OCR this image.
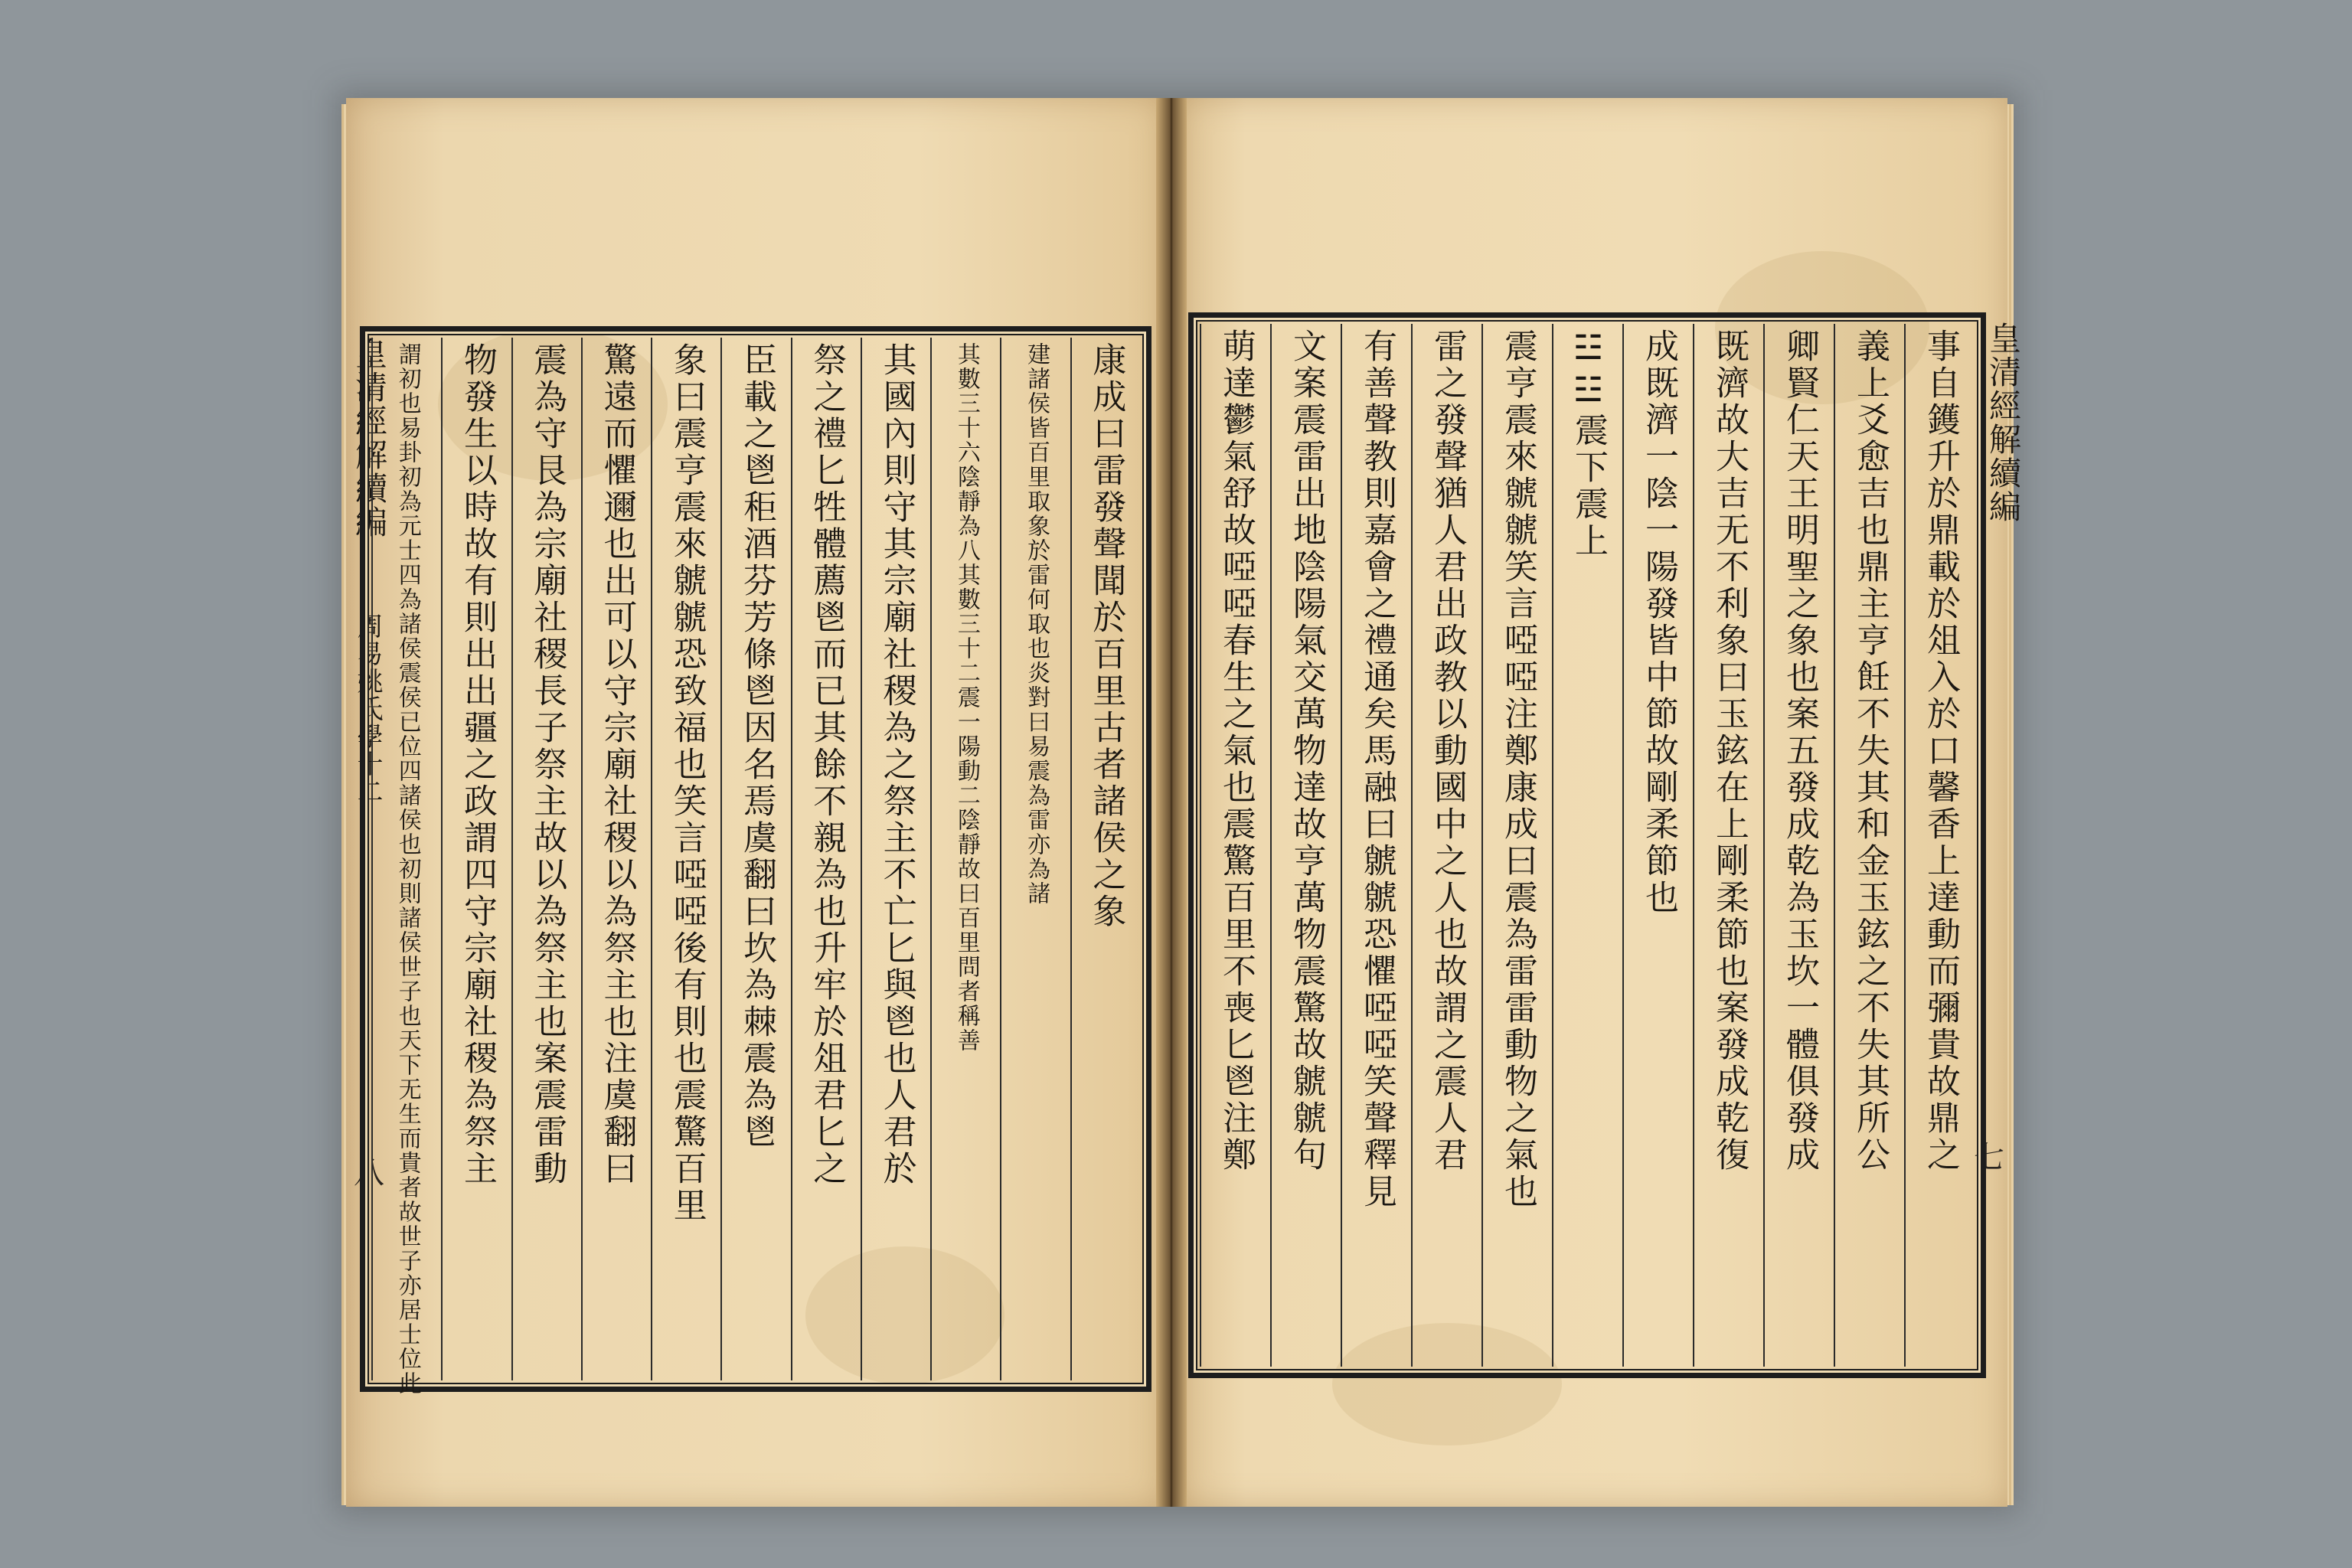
皇清經解續編
周易姚氏學十二
八
皇清經解續編
七
康成曰雷發聲聞於百里古者諸侯之象
建諸侯皆百里取象於雷何取也炎對曰易震為雷亦為諸
其數三十六陰靜為八其數三十二震一陽動二陰靜故曰百里問者稱善
其國內則守其宗廟社稷為之祭主不亡匕與鬯也人君於
祭之禮匕牲體薦鬯而已其餘不親為也升牢於俎君匕之
臣載之鬯秬酒芬芳條鬯因名焉虞翻曰坎為棘震為鬯
象曰震亨震來虩虩恐致福也笑言啞啞後有則也震驚百里
驚遠而懼邇也出可以守宗廟社稷以為祭主也注虞翻曰
震為守艮為宗廟社稷長子祭主故以為祭主也案震雷動
物發生以時故有則出出疆之政謂四守宗廟社稷為祭主
謂初也易卦初為元士四為諸侯震侯已位四諸侯也初則諸侯世子也天下无生而貴者故世子亦居士位此	事自鑊升於鼎載於俎入於口馨香上達動而彌貴故鼎之
義上爻愈吉也鼎主亨飪不失其和金玉鉉之不失其所公
卿賢仁天王明聖之象也案五發成乾為玉坎一體俱發成
既濟故大吉无不利象曰玉鉉在上剛柔節也案發成乾復
成既濟一陰一陽發皆中節故剛柔節也
☳☳震下震上
震亨震來虩虩笑言啞啞注鄭康成曰震為雷雷動物之氣也
雷之發聲猶人君出政教以動國中之人也故謂之震人君
有善聲教則嘉會之禮通矣馬融曰虩虩恐懼啞啞笑聲釋見
文案震雷出地陰陽氣交萬物達故亨萬物震驚故虩虩句
萌達鬱氣舒故啞啞春生之氣也震驚百里不喪匕鬯注鄭
